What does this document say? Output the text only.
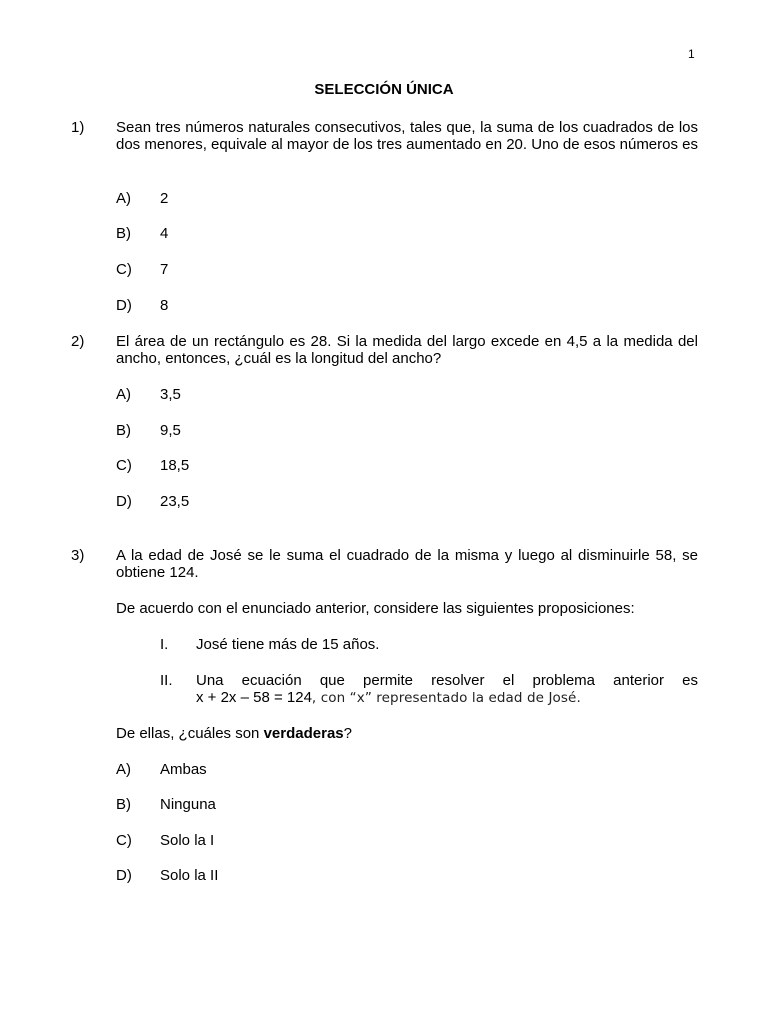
1
SELECCIÓN ÚNICA
1) Sean tres números naturales consecutivos, tales que, la suma de los cuadrados de los dos menores, equivale al mayor de los tres aumentado en 20. Uno de esos números es
A) 2
B) 4
C) 7
D) 8
2) El área de un rectángulo es 28. Si la medida del largo excede en 4,5 a la medida del ancho, entonces, ¿cuál es la longitud del ancho?
A) 3,5
B) 9,5
C) 18,5
D) 23,5
3) A la edad de José se le suma el cuadrado de la misma y luego al disminuirle 58, se obtiene 124.
De acuerdo con el enunciado anterior, considere las siguientes proposiciones:
I. José tiene más de 15 años.
II. Una ecuación que permite resolver el problema anterior es
x + 2x – 58 = 124, con “x” representado la edad de José.
De ellas, ¿cuáles son verdaderas?
A) Ambas
B) Ninguna
C) Solo la I
D) Solo la II
